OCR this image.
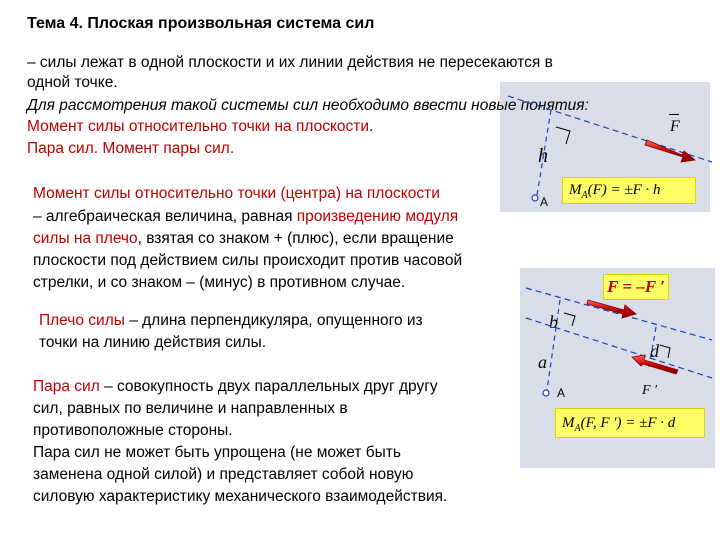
Тема 4. Плоская произвольная система сил
– силы лежат в одной плоскости и их линии действия не пересекаются в
одной точке.
Для рассмотрения такой системы сил необходимо ввести новые понятия:
Момент силы относительно точки на плоскости.
Пара сил. Момент пары сил.
Момент силы относительно точки (центра) на плоскости
– алгебраическая величина, равная произведению модуля
силы на плечо, взятая со знаком + (плюс), если вращение
плоскости под действием силы происходит против часовой
стрелки, и со знаком – (минус) в противном случае.
Плечо силы – длина перпендикуляра, опущенного из
точки на линию действия силы.
Пара сил – совокупность двух параллельных друг другу
сил, равных по величине и направленных в
противоположные стороны.
Пара сил не может быть упрощена (не может быть
заменена одной силой) и представляет собой новую
силовую характеристику механического взаимодействия.
F
h
A
b
a
d
F ′
A
$M_A(F) = \pm F \cdot h$
F = –F ′
$M_A(F$, F ′) = ±F · d
